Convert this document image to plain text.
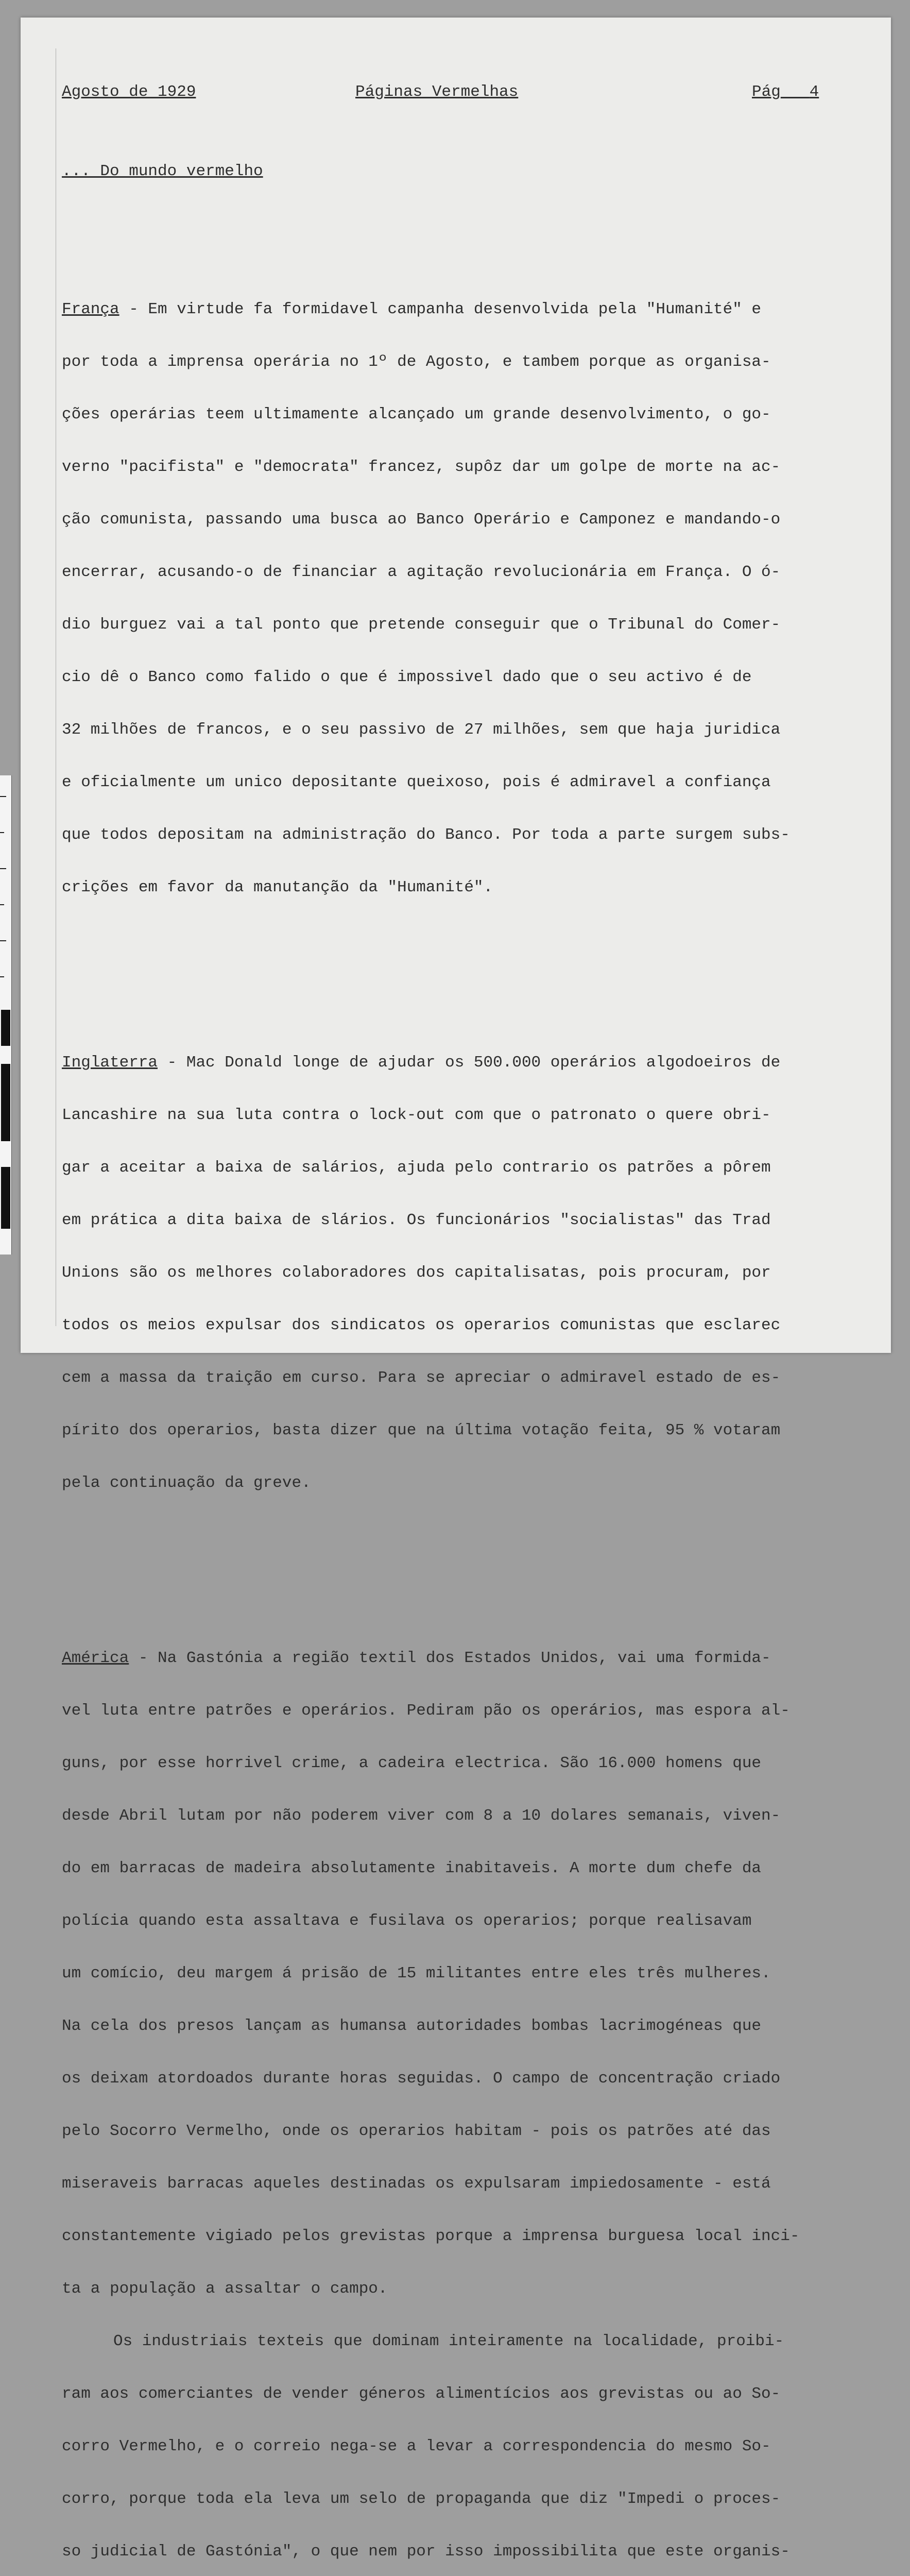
Agosto de 1929

	Páginas Vermelhas

	Pág 4

... Do mundo vermelho

França - Em virtude fa formidavel campanha desenvolvida pela "Humanité" e

por toda a imprensa operária no 1º de Agosto, e tambem porque as organisa-

ções operárias teem ultimamente alcançado um grande desenvolvimento, o go-

verno "pacifista" e "democrata" francez, supôz dar um golpe de morte na ac-

ção comunista, passando uma busca ao Banco Operário e Camponez e mandando-o

encerrar, acusando-o de financiar a agitação revolucionária em França. O ó-

dio burguez vai a tal ponto que pretende conseguir que o Tribunal do Comer-

cio dê o Banco como falido o que é impossivel dado que o seu activo é de

32 milhões de francos, e o seu passivo de 27 milhões, sem que haja juridica

e oficialmente um unico depositante queixoso, pois é admiravel a confiança

que todos depositam na administração do Banco. Por toda a parte surgem subs-

crições em favor da manutanção da "Humanité".

Inglaterra - Mac Donald longe de ajudar os 500.000 operários algodoeiros de

Lancashire na sua luta contra o lock-out com que o patronato o quere obri-

gar a aceitar a baixa de salários, ajuda pelo contrario os patrões a pôrem

em prática a dita baixa de slários. Os funcionários "socialistas" das Trad

Unions são os melhores colaboradores dos capitalisatas, pois procuram, por

todos os meios expulsar dos sindicatos os operarios comunistas que esclarec

cem a massa da traição em curso. Para se apreciar o admiravel estado de es-

pírito dos operarios, basta dizer que na última votação feita, 95 % votaram

pela continuação da greve.

América - Na Gastónia a região textil dos Estados Unidos, vai uma formida-

vel luta entre patrões e operários. Pediram pão os operários, mas espora al-

guns, por esse horrivel crime, a cadeira electrica. São 16.000 homens que

desde Abril lutam por não poderem viver com 8 a 10 dolares semanais, viven-

do em barracas de madeira absolutamente inabitaveis. A morte dum chefe da

polícia quando esta assaltava e fusilava os operarios; porque realisavam

um comício, deu margem á prisão de 15 militantes entre eles três mulheres.

Na cela dos presos lançam as humansa autoridades bombas lacrimogéneas que

os deixam atordoados durante horas seguidas. O campo de concentração criado

pelo Socorro Vermelho, onde os operarios habitam - pois os patrões até das

miseraveis barracas aqueles destinadas os expulsaram impiedosamente - está

constantemente vigiado pelos grevistas porque a imprensa burguesa local inci-

ta a população a assaltar o campo.

Os industriais texteis que dominam inteiramente na localidade, proibi-

ram aos comerciantes de vender géneros alimentícios aos grevistas ou ao So-

corro Vermelho, e o correio nega-se a levar a correspondencia do mesmo So-

corro, porque toda ela leva um selo de propaganda que diz "Impedi o proces-

so judicial de Gastónia", o que nem por isso impossibilita que este organis-
